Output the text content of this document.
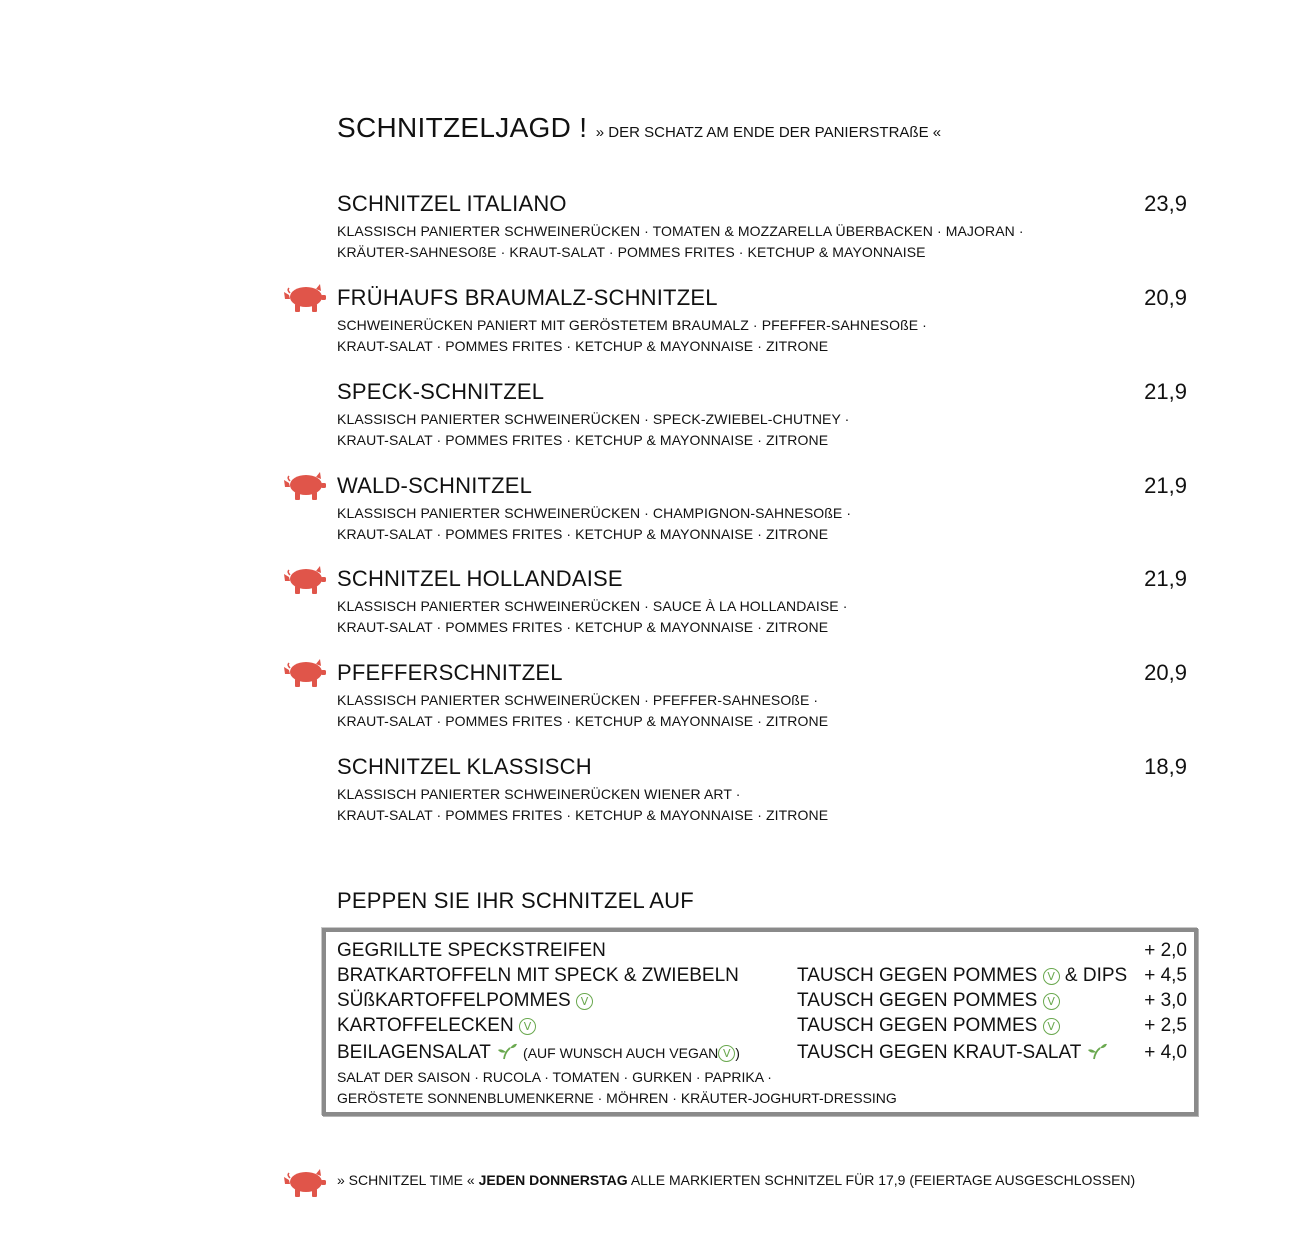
SCHNITZELJAGD ! » DER SCHATZ AM ENDE DER PANIERSTRAßE «
SCHNITZEL ITALIANO	23,9
KLASSISCH PANIERTER SCHWEINERÜCKEN · TOMATEN & MOZZARELLA ÜBERBACKEN · MAJORAN ·
KRÄUTER-SAHNESOßE · KRAUT-SALAT · POMMES FRITES · KETCHUP & MAYONNAISE
FRÜHAUFS BRAUMALZ-SCHNITZEL	20,9
SCHWEINERÜCKEN PANIERT MIT GERÖSTETEM BRAUMALZ · PFEFFER-SAHNESOßE ·
KRAUT-SALAT · POMMES FRITES · KETCHUP & MAYONNAISE · ZITRONE
SPECK-SCHNITZEL	21,9
KLASSISCH PANIERTER SCHWEINERÜCKEN · SPECK-ZWIEBEL-CHUTNEY ·
KRAUT-SALAT · POMMES FRITES · KETCHUP & MAYONNAISE · ZITRONE
WALD-SCHNITZEL	21,9
KLASSISCH PANIERTER SCHWEINERÜCKEN · CHAMPIGNON-SAHNESOßE ·
KRAUT-SALAT · POMMES FRITES · KETCHUP & MAYONNAISE · ZITRONE
SCHNITZEL HOLLANDAISE	21,9
KLASSISCH PANIERTER SCHWEINERÜCKEN · SAUCE À LA HOLLANDAISE ·
KRAUT-SALAT · POMMES FRITES · KETCHUP & MAYONNAISE · ZITRONE
PFEFFERSCHNITZEL	20,9
KLASSISCH PANIERTER SCHWEINERÜCKEN · PFEFFER-SAHNESOßE ·
KRAUT-SALAT · POMMES FRITES · KETCHUP & MAYONNAISE · ZITRONE
SCHNITZEL KLASSISCH	18,9
KLASSISCH PANIERTER SCHWEINERÜCKEN WIENER ART ·
KRAUT-SALAT · POMMES FRITES · KETCHUP & MAYONNAISE · ZITRONE
PEPPEN SIE IHR SCHNITZEL AUF
GEGRILLTE SPECKSTREIFEN	+ 2,0
BRATKARTOFFELN MIT SPECK & ZWIEBELN	TAUSCH GEGEN POMMES V & DIPS + 4,5
SÜßKARTOFFELPOMMES V	TAUSCH GEGEN POMMES V	+ 3,0
KARTOFFELECKEN V	TAUSCH GEGEN POMMES V	+ 2,5
BEILAGENSALAT (AUF WUNSCH AUCH VEGAN V )	TAUSCH GEGEN KRAUT-SALAT	+ 4,0
SALAT DER SAISON · RUCOLA · TOMATEN · GURKEN · PAPRIKA ·
GERÖSTETE SONNENBLUMENKERNE · MÖHREN · KRÄUTER-JOGHURT-DRESSING
» SCHNITZEL TIME « JEDEN DONNERSTAG ALLE MARKIERTEN SCHNITZEL FÜR 17,9 (FEIERTAGE AUSGESCHLOSSEN)
